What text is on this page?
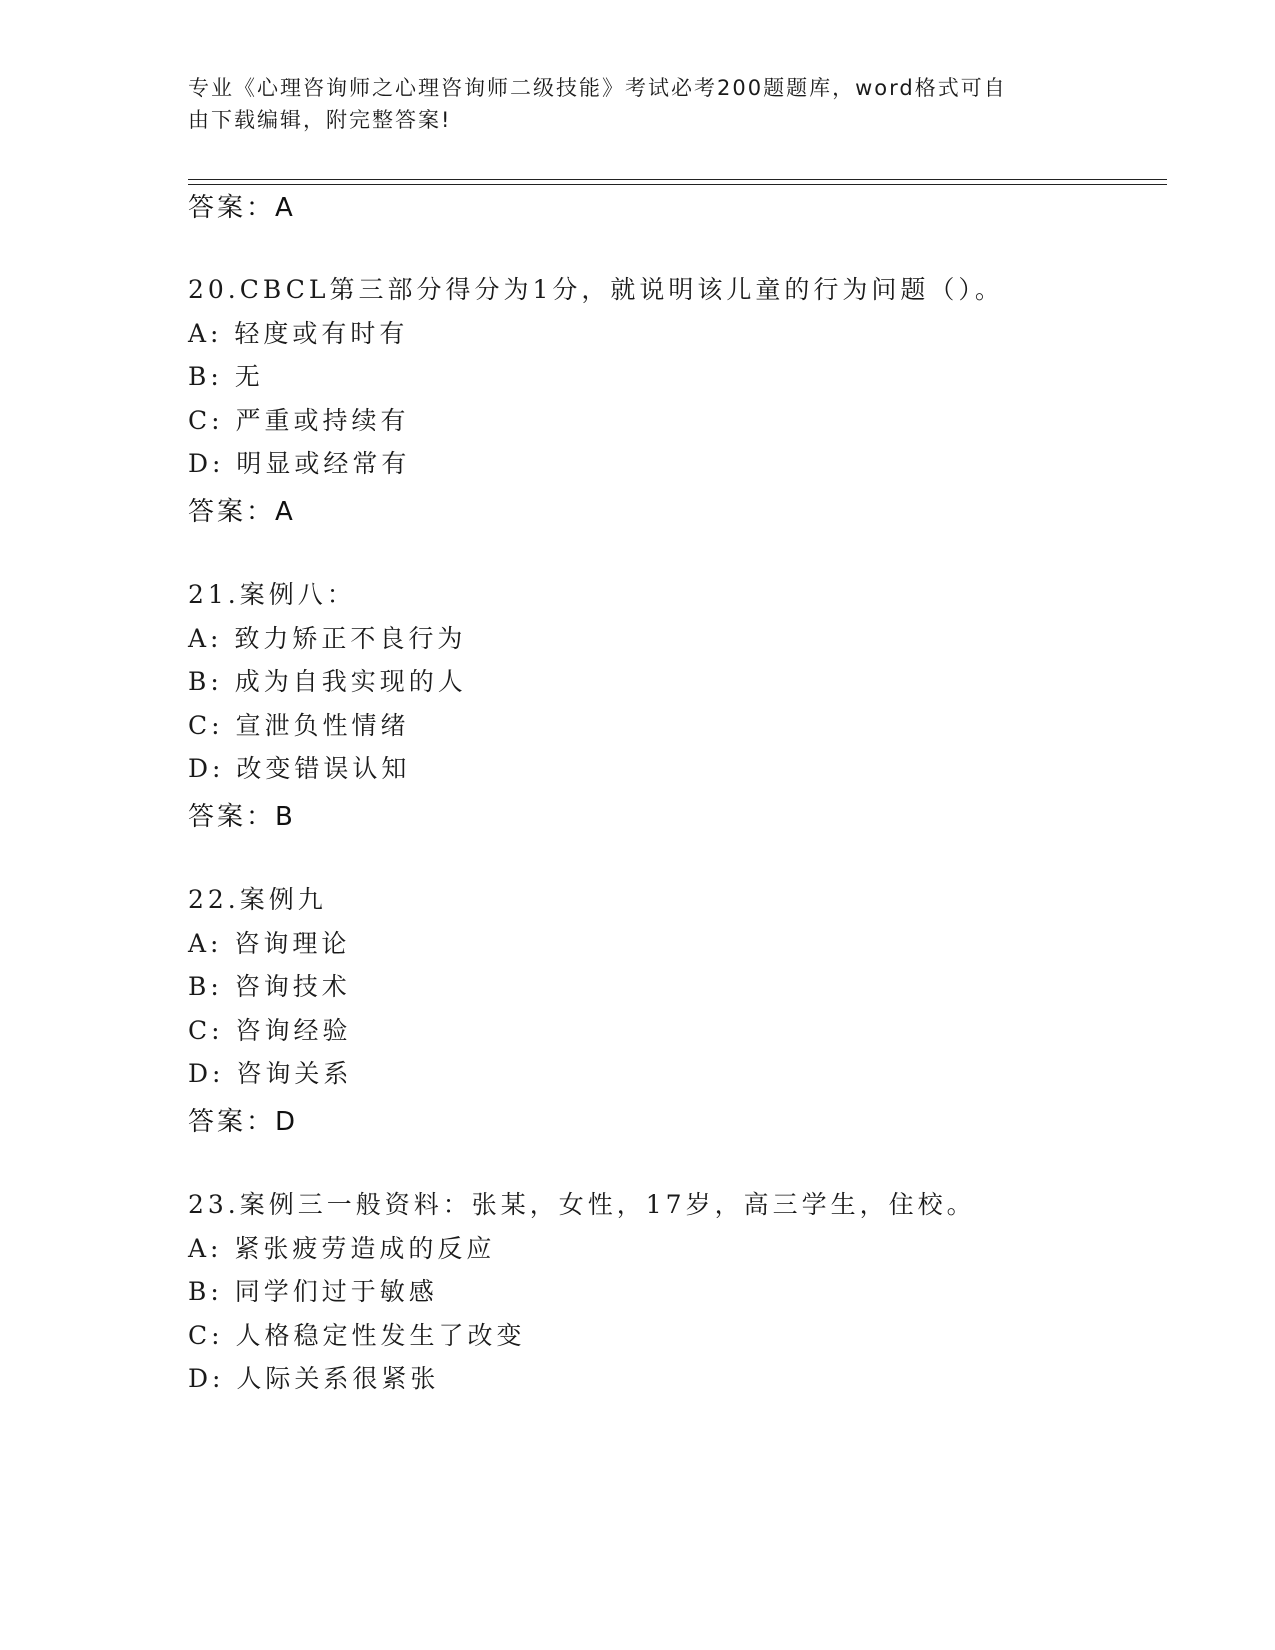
专业《心理咨询师之心理咨询师二级技能》考试必考200题题库，word格式可自
由下载编辑，附完整答案!
答案：A
20.CBCL第三部分得分为1分，就说明该儿童的行为问题（）。
A: 轻度或有时有
B: 无
C: 严重或持续有
D: 明显或经常有
答案：A
21.案例八：
A: 致力矫正不良行为
B: 成为自我实现的人
C: 宣泄负性情绪
D: 改变错误认知
答案：B
22.案例九
A: 咨询理论
B: 咨询技术
C: 咨询经验
D: 咨询关系
答案：D
23.案例三一般资料：张某，女性，17岁，高三学生，住校。
A: 紧张疲劳造成的反应
B: 同学们过于敏感
C: 人格稳定性发生了改变
D: 人际关系很紧张
